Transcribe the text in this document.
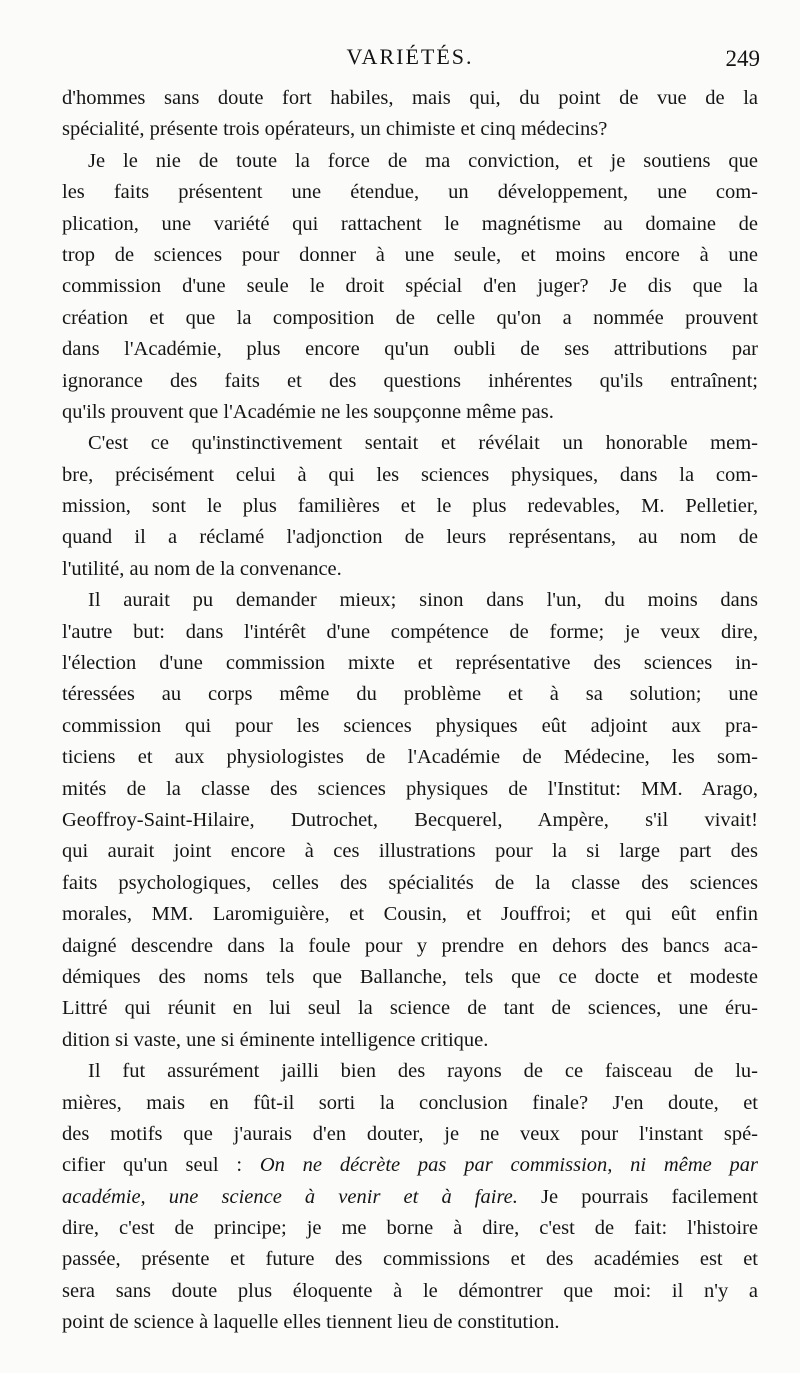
VARIÉTÉS.	249
d'hommes sans doute fort habiles, mais qui, du point de vue de la
spécialité, présente trois opérateurs, un chimiste et cinq médecins?
Je le nie de toute la force de ma conviction, et je soutiens que
les faits présentent une étendue, un développement, une com-
plication, une variété qui rattachent le magnétisme au domaine de
trop de sciences pour donner à une seule, et moins encore à une
commission d'une seule le droit spécial d'en juger? Je dis que la
création et que la composition de celle qu'on a nommée prouvent
dans l'Académie, plus encore qu'un oubli de ses attributions par
ignorance des faits et des questions inhérentes qu'ils entraînent;
qu'ils prouvent que l'Académie ne les soupçonne même pas.
C'est ce qu'instinctivement sentait et révélait un honorable mem-
bre, précisément celui à qui les sciences physiques, dans la com-
mission, sont le plus familières et le plus redevables, M. Pelletier,
quand il a réclamé l'adjonction de leurs représentans, au nom de
l'utilité, au nom de la convenance.
Il aurait pu demander mieux; sinon dans l'un, du moins dans
l'autre but: dans l'intérêt d'une compétence de forme; je veux dire,
l'élection d'une commission mixte et représentative des sciences in-
téressées au corps même du problème et à sa solution; une
commission qui pour les sciences physiques eût adjoint aux pra-
ticiens et aux physiologistes de l'Académie de Médecine, les som-
mités de la classe des sciences physiques de l'Institut: MM. Arago,
Geoffroy-Saint-Hilaire, Dutrochet, Becquerel, Ampère, s'il vivait!
qui aurait joint encore à ces illustrations pour la si large part des
faits psychologiques, celles des spécialités de la classe des sciences
morales, MM. Laromiguière, et Cousin, et Jouffroi; et qui eût enfin
daigné descendre dans la foule pour y prendre en dehors des bancs aca-
démiques des noms tels que Ballanche, tels que ce docte et modeste
Littré qui réunit en lui seul la science de tant de sciences, une éru-
dition si vaste, une si éminente intelligence critique.
Il fut assurément jailli bien des rayons de ce faisceau de lu-
mières, mais en fût-il sorti la conclusion finale? J'en doute, et
des motifs que j'aurais d'en douter, je ne veux pour l'instant spé-
cifier qu'un seul : On ne décrète pas par commission, ni même par
académie, une science à venir et à faire. Je pourrais facilement
dire, c'est de principe; je me borne à dire, c'est de fait: l'histoire
passée, présente et future des commissions et des académies est et
sera sans doute plus éloquente à le démontrer que moi: il n'y a
point de science à laquelle elles tiennent lieu de constitution.
